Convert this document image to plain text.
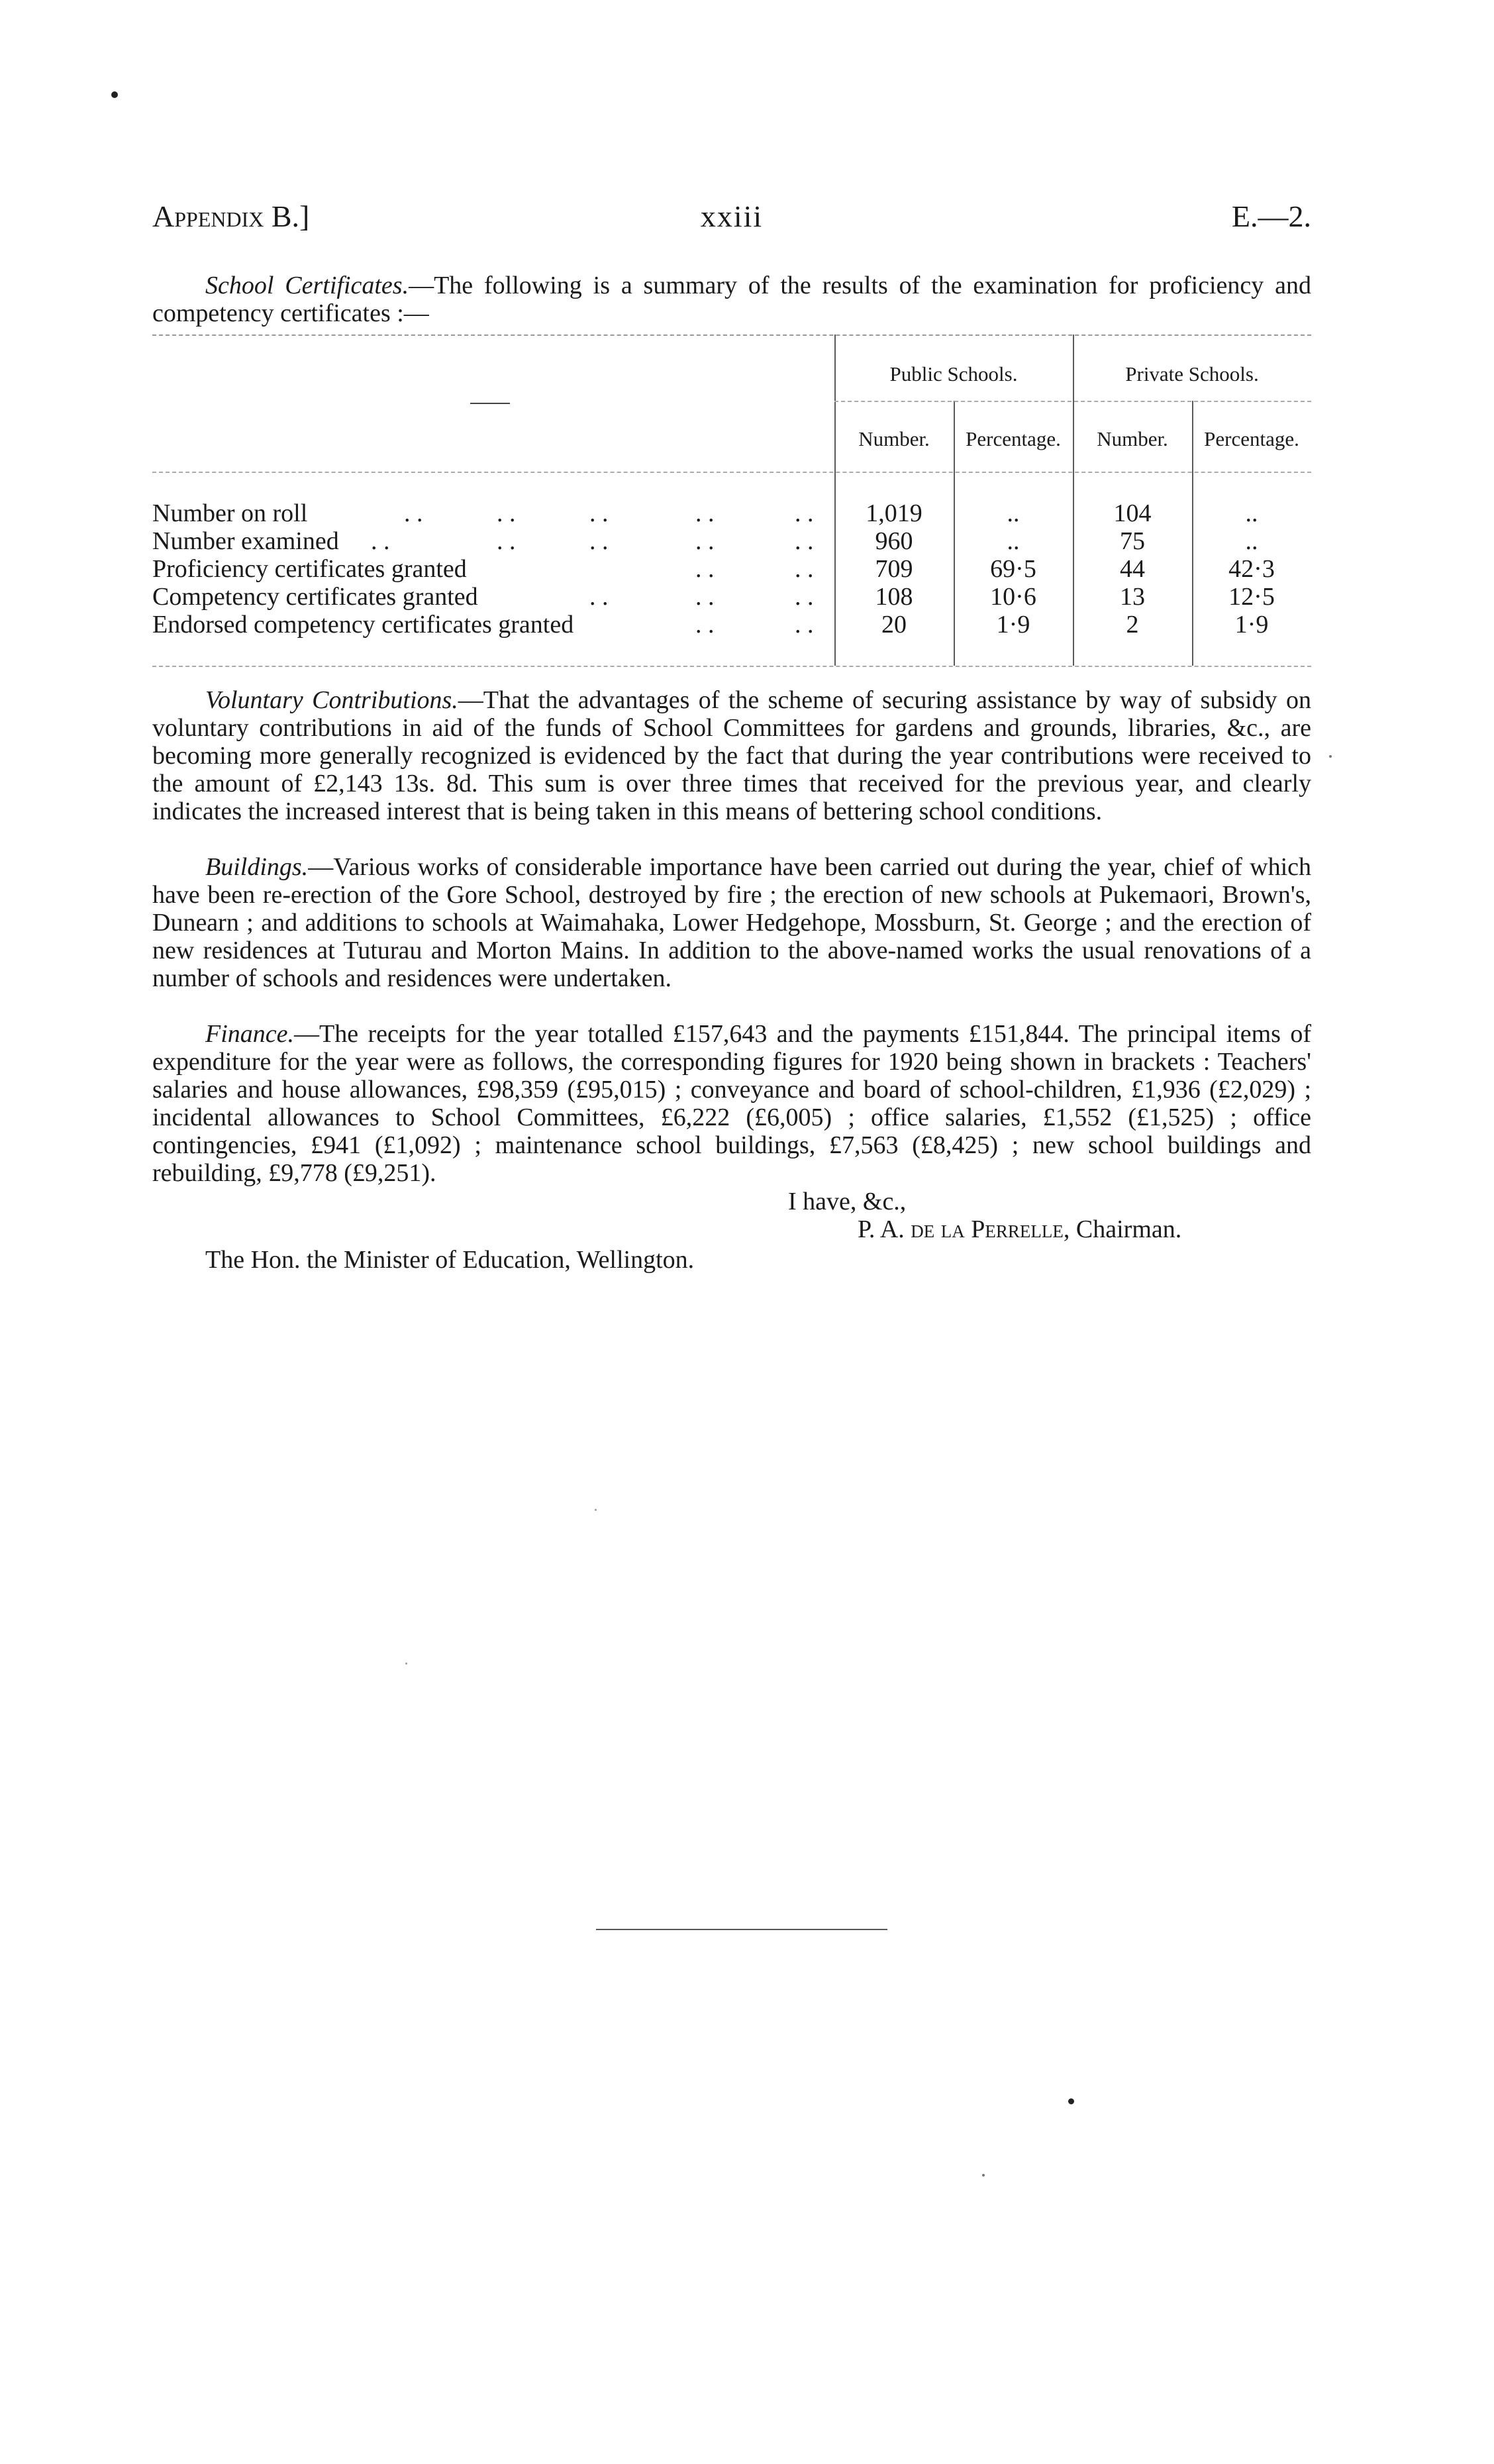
Appendix B.]	xxiii	E.—2.
School Certificates.—The following is a summary of the results of the examination for proficiency and competency certificates :—
Public Schools.	Private Schools.
Number.	Percentage.	Number.	Percentage.
Number on roll	. .	. .	. .	. .	. .	1,019	..	104	..
Number examined . .	. .	. .	. .	. .	960	..	75	..
Proficiency certificates granted	. .	. .	709	69·5	44	42·3
Competency certificates granted	. .	. .	. .	108	10·6	13	12·5
Endorsed competency certificates granted	. .	. .	20	1·9	2	1·9
Voluntary Contributions.—That the advantages of the scheme of securing assistance by way of subsidy on voluntary contributions in aid of the funds of School Committees for gardens and grounds, libraries, &c., are becoming more generally recognized is evidenced by the fact that during the year contributions were received to the amount of £2,143 13s. 8d. This sum is over three times that received for the previous year, and clearly indicates the increased interest that is being taken in this means of bettering school conditions.
Buildings.—Various works of considerable importance have been carried out during the year, chief of which have been re-erection of the Gore School, destroyed by fire ; the erection of new schools at Pukemaori, Brown's, Dunearn ; and additions to schools at Waimahaka, Lower Hedgehope, Mossburn, St. George ; and the erection of new residences at Tuturau and Morton Mains. In addition to the above-named works the usual renovations of a number of schools and residences were undertaken.
Finance.—The receipts for the year totalled £157,643 and the payments £151,844. The principal items of expenditure for the year were as follows, the corresponding figures for 1920 being shown in brackets : Teachers' salaries and house allowances, £98,359 (£95,015) ; conveyance and board of school-children, £1,936 (£2,029) ; incidental allowances to School Committees, £6,222 (£6,005) ; office salaries, £1,552 (£1,525) ; office contingencies, £941 (£1,092) ; maintenance school buildings, £7,563 (£8,425) ; new school buildings and rebuilding, £9,778 (£9,251).
I have, &c.,
P. A. de la Perrelle, Chairman.
The Hon. the Minister of Education, Wellington.
